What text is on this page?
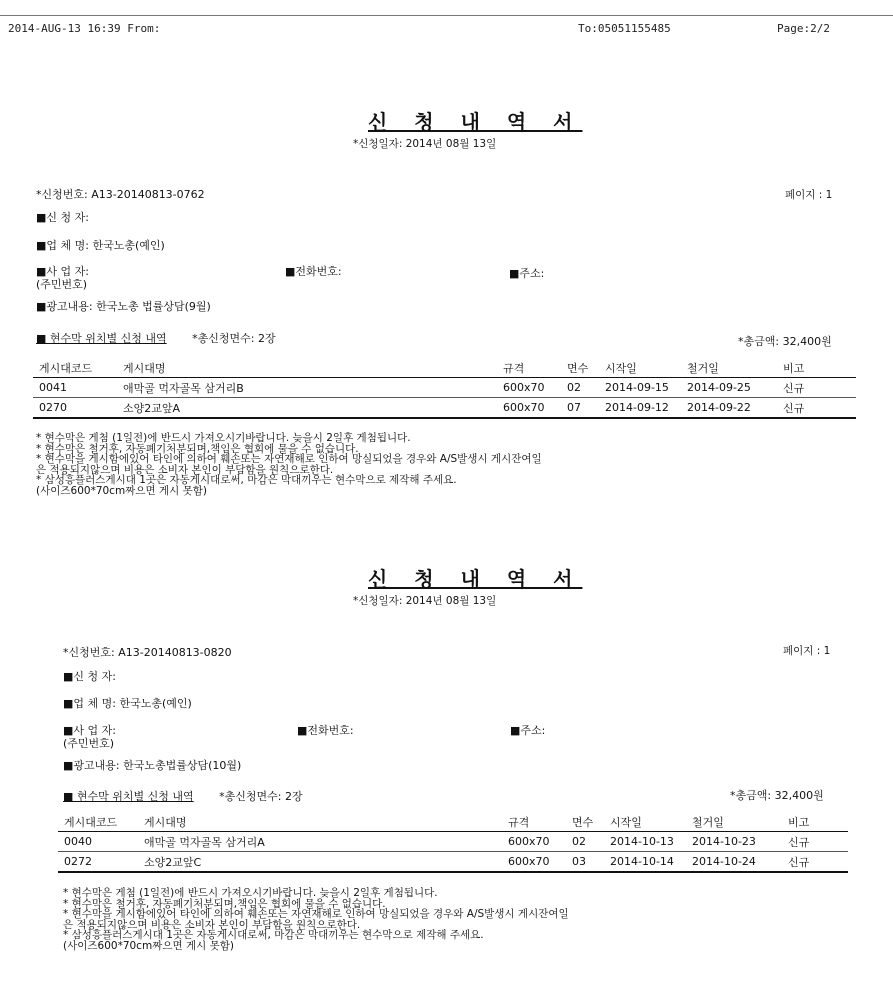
2014-AUG-13 16:39 From:	To:05051155485	Page:2/2
신 청 내 역 서
*신청일자: 2014년 08월 13일
*신청번호: A13-20140813-0762	페이지 : 1
■신 청 자:
■업 체 명: 한국노총(예인)
■사 업 자:
(주민번호)
■전화번호:	■주소:
■광고내용: 한국노총 법률상담(9월)
■ 현수막 위치별 신청 내역 *총신청면수: 2장	*총금액: 32,400원
게시대코드	게시대명	규격	면수	시작일	철거일	비고
0041	애막골 먹자골목 삼거리B	600x70	02	2014-09-15	2014-09-25	신규
0270	소양2교앞A	600x70	07	2014-09-12	2014-09-22	신규
* 현수막은 게첨 (1일전)에 반드시 가져오시기바랍니다. 늦을시 2일후 게첨됩니다.
* 현수막은 철거후, 자동폐기처분되며,책임은 협회에 물을 수 없습니다.
* 현수막을 게시함에있어 타인에 의하여 훼손또는 자연재해로 인하여 망실되었을 경우와 A/S발생시 게시잔여일
은 적용되지않으며 비용은 소비자 본인이 부담함을 원칙으로한다.
* 삼성흥플러스게시대 1곳은 자동게시대로써, 마감은 막대끼우는 현수막으로 제작해 주세요.
(사이즈600*70cm짜으면 게시 못함)
신 청 내 역 서
*신청일자: 2014년 08월 13일
*신청번호: A13-20140813-0820	페이지 : 1
■신 청 자:
■업 체 명: 한국노총(예인)
■사 업 자:
(주민번호)
■전화번호:	■주소:
■광고내용: 한국노총법률상담(10월)
■ 현수막 위치별 신청 내역 *총신청면수: 2장	*총금액: 32,400원
게시대코드	게시대명	규격	면수	시작일	철거일	비고
0040	애막골 먹자골목 삼거리A	600x70	02	2014-10-13	2014-10-23	신규
0272	소양2교앞C	600x70	03	2014-10-14	2014-10-24	신규
* 현수막은 게첨 (1일전)에 반드시 가져오시기바랍니다. 늦을시 2일후 게첨됩니다.
* 현수막은 철거후, 자동폐기처분되며,책임은 협회에 물을 수 없습니다.
* 현수막을 게시함에있어 타인에 의하여 훼손또는 자연재해로 인하여 망실되었을 경우와 A/S발생시 게시잔여일
은 적용되지않으며 비용은 소비자 본인이 부담함을 원칙으로한다.
* 삼성흥플러스게시대 1곳은 자동게시대로써, 마감은 막대끼우는 현수막으로 제작해 주세요.
(사이즈600*70cm짜으면 게시 못함)
